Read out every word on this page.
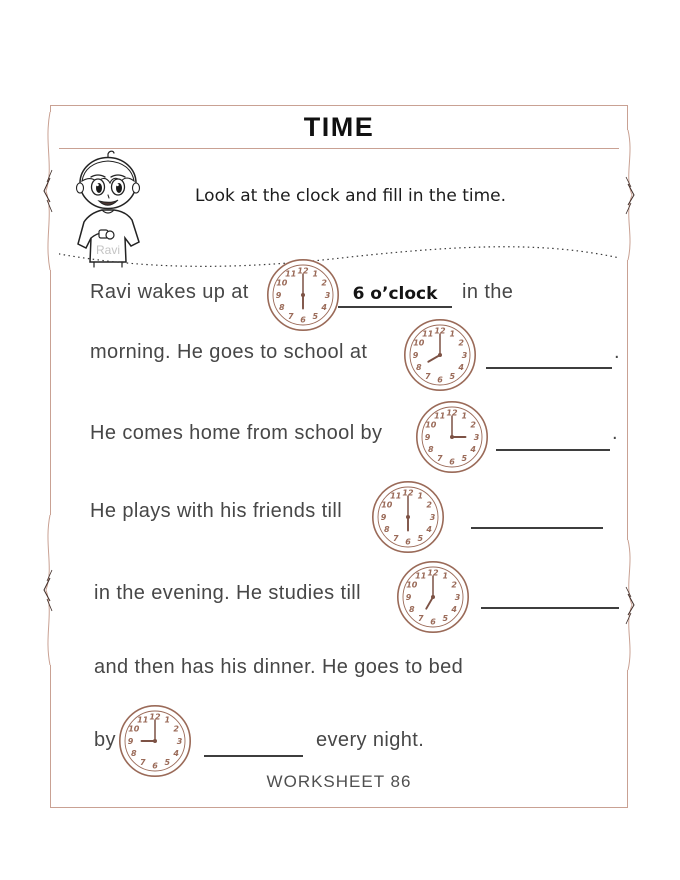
TIME
Ravi
Look at the clock and fill in the time.
Ravi wakes up at
1
2
3
4
5
6
7
8
9
10
11 12
6 o’clock	in the
morning. He goes to school at
1
2
3
4
5
6
7
8
9
10
11 12
.
He comes home from school by
1
2
3
4
5
6
7
8
9
10
11 12
.
He plays with his friends till
1
2
3
4
5
6
7
8
9
10
11 12
in the evening. He studies till
1
2
3
4
5
6
7
8
9
10
11 12
and then has his dinner. He goes to bed
by
1
2
3
4
5
6
7
8
9
10
11 12
every night.
WORKSHEET 86
